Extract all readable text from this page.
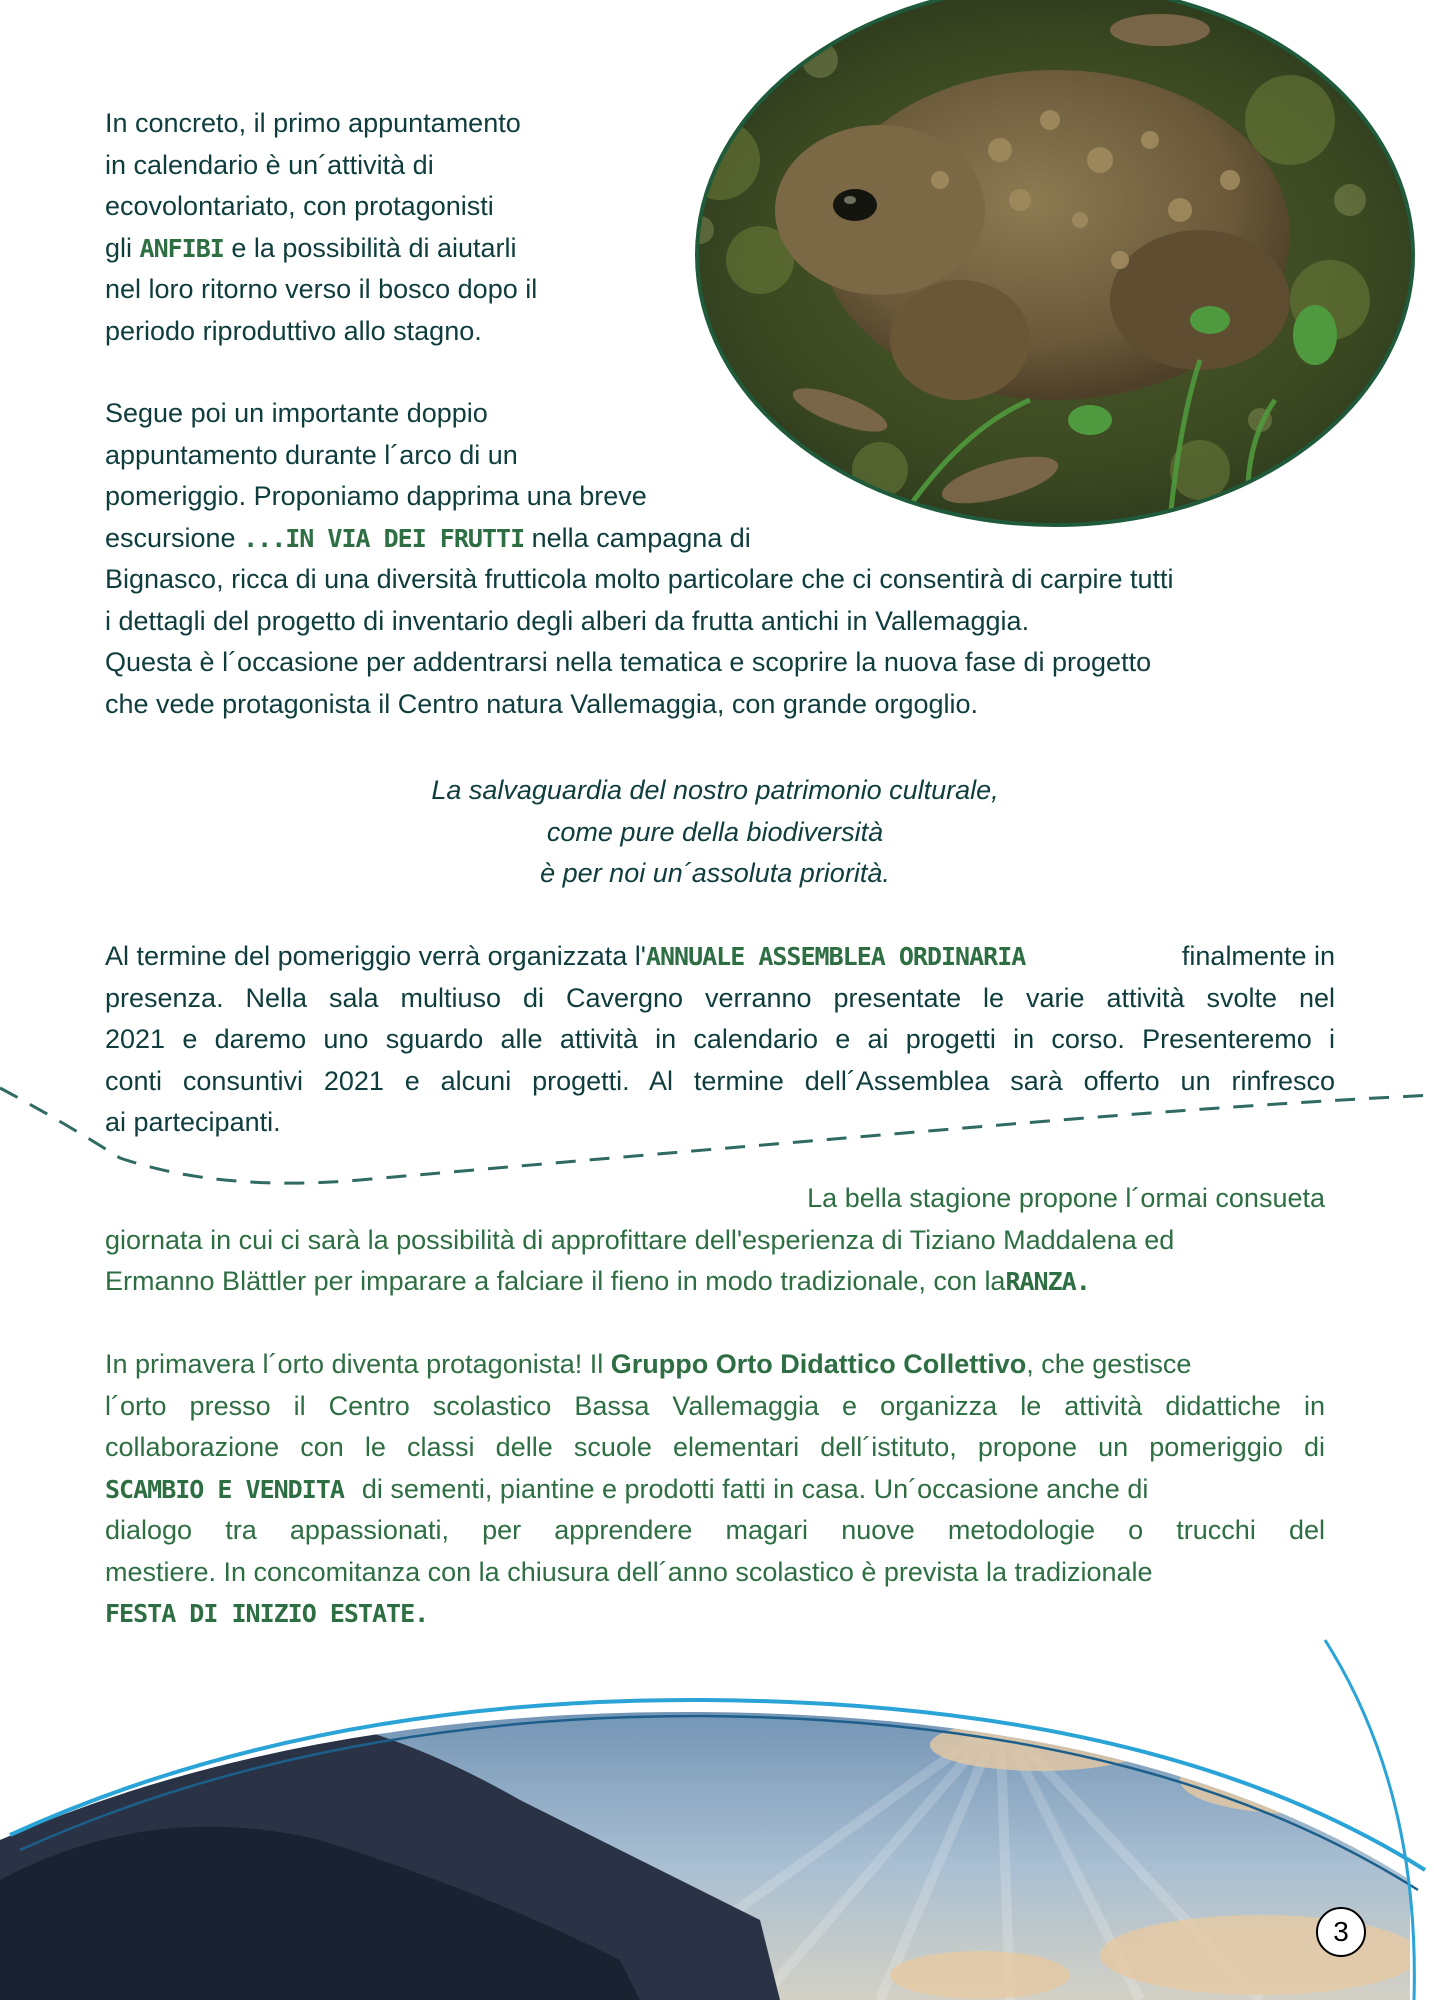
3
In concreto, il primo appuntamento
in calendario è un´attività di
ecovolontariato, con protagonisti
gli ANFIBI e la possibilità di aiutarli
nel loro ritorno verso il bosco dopo il
periodo riproduttivo allo stagno.
Segue poi un importante doppio
appuntamento durante l´arco di un
pomeriggio. Proponiamo dapprima una breve
escursione ...IN VIA DEI FRUTTI nella campagna di
Bignasco, ricca di una diversità frutticola molto particolare che ci consentirà di carpire tutti
i dettagli del progetto di inventario degli alberi da frutta antichi in Vallemaggia.
Questa è l´occasione per addentrarsi nella tematica e scoprire la nuova fase di progetto
che vede protagonista il Centro natura Vallemaggia, con grande orgoglio.
La salvaguardia del nostro patrimonio culturale,
come pure della biodiversità
è per noi un´assoluta priorità.
Al termine del pomeriggio verrà organizzata l'ANNUALE ASSEMBLEA ORDINARIA	finalmente in
presenza. Nella sala multiuso di Cavergno verranno presentate le varie attività svolte nel
2021 e daremo uno sguardo alle attività in calendario e ai progetti in corso. Presenteremo i
conti consuntivi 2021 e alcuni progetti. Al termine dell´Assemblea sarà offerto un rinfresco
ai partecipanti.
La bella stagione propone l´ormai consueta
giornata in cui ci sarà la possibilità di approfittare dell'esperienza di Tiziano Maddalena ed
Ermanno Blättler per imparare a falciare il fieno in modo tradizionale, con laRANZA.
In primavera l´orto diventa protagonista! Il Gruppo Orto Didattico Collettivo, che gestisce
l´orto presso il Centro scolastico Bassa Vallemaggia e organizza le attività didattiche in
collaborazione con le classi delle scuole elementari dell´istituto, propone un pomeriggio di
SCAMBIO E VENDITA di sementi, piantine e prodotti fatti in casa. Un´occasione anche di
dialogo tra appassionati, per apprendere magari nuove metodologie o trucchi del
mestiere. In concomitanza con la chiusura dell´anno scolastico è prevista la tradizionale
FESTA DI INIZIO ESTATE.
